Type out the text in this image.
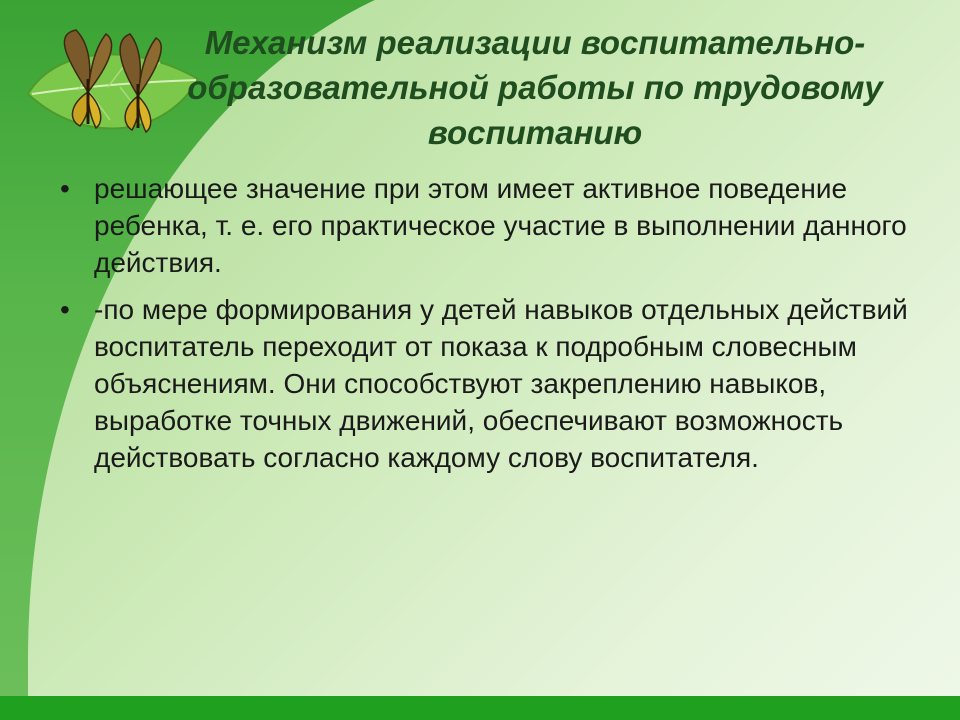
Механизм реализации воспитательно-образовательной работы по трудовому воспитанию
• решающее значение при этом имеет активное поведение ребенка, т. е. его практическое участие в выполнении данного действия.
• -по мере формирования у детей навыков отдельных действий воспитатель переходит от показа к подробным словесным объяснениям. Они способствуют закреплению навыков, выработке точных движений, обеспечивают возможность действовать согласно каждому слову воспитателя.
